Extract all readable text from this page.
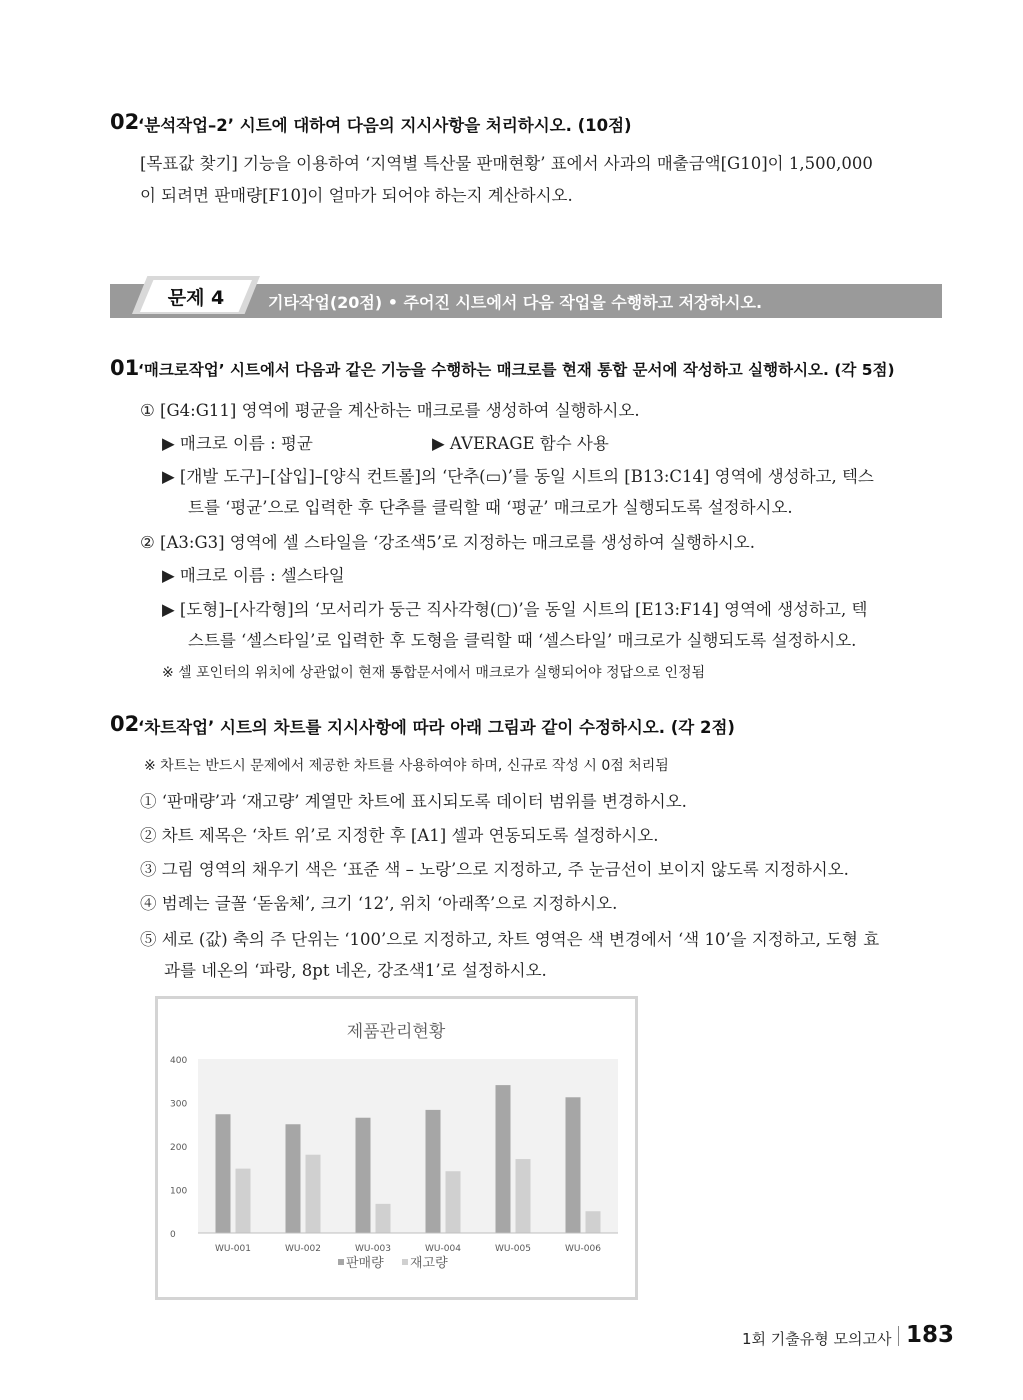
02
‘분석작업–2’ 시트에 대하여 다음의 지시사항을 처리하시오. (10점)
[목표값 찾기] 기능을 이용하여 ‘지역별 특산물 판매현황’ 표에서 사과의 매출금액[G10]이 1,500,000
이 되려면 판매량[F10]이 얼마가 되어야 하는지 계산하시오.
문제 4	기타작업(20점) • 주어진 시트에서 다음 작업을 수행하고 저장하시오.
01
‘매크로작업’ 시트에서 다음과 같은 기능을 수행하는 매크로를 현재 통합 문서에 작성하고 실행하시오. (각 5점)
① [G4:G11] 영역에 평균을 계산하는 매크로를 생성하여 실행하시오.
▶ 매크로 이름 : 평균	▶ AVERAGE 함수 사용
▶ [개발 도구]–[삽입]–[양식 컨트롤]의 ‘단추(▭)’를 동일 시트의 [B13:C14] 영역에 생성하고, 텍스
트를 ‘평균’으로 입력한 후 단추를 클릭할 때 ‘평균’ 매크로가 실행되도록 설정하시오.
② [A3:G3] 영역에 셀 스타일을 ‘강조색5’로 지정하는 매크로를 생성하여 실행하시오.
▶ 매크로 이름 : 셀스타일
▶ [도형]–[사각형]의 ‘모서리가 둥근 직사각형(▢)’을 동일 시트의 [E13:F14] 영역에 생성하고, 텍
스트를 ‘셀스타일’로 입력한 후 도형을 클릭할 때 ‘셀스타일’ 매크로가 실행되도록 설정하시오.
※ 셀 포인터의 위치에 상관없이 현재 통합문서에서 매크로가 실행되어야 정답으로 인정됨
02
‘차트작업’ 시트의 차트를 지시사항에 따라 아래 그림과 같이 수정하시오. (각 2점)
※ 차트는 반드시 문제에서 제공한 차트를 사용하여야 하며, 신규로 작성 시 0점 처리됨
① ‘판매량’과 ‘재고량’ 계열만 차트에 표시되도록 데이터 범위를 변경하시오.
② 차트 제목은 ‘차트 위’로 지정한 후 [A1] 셀과 연동되도록 설정하시오.
③ 그림 영역의 채우기 색은 ‘표준 색 – 노랑’으로 지정하고, 주 눈금선이 보이지 않도록 지정하시오.
④ 범례는 글꼴 ‘돋움체’, 크기 ‘12’, 위치 ‘아래쪽’으로 지정하시오.
⑤ 세로 (값) 축의 주 단위는 ‘100’으로 지정하고, 차트 영역은 색 변경에서 ‘색 10’을 지정하고, 도형 효
과를 네온의 ‘파랑, 8pt 네온, 강조색1’로 설정하시오.
제품관리현황
0
100
200
300
400
WU-001	WU-002	WU-003	WU-004	WU-005	WU-006
판매량 재고량
1회 기출유형 모의고사 183
